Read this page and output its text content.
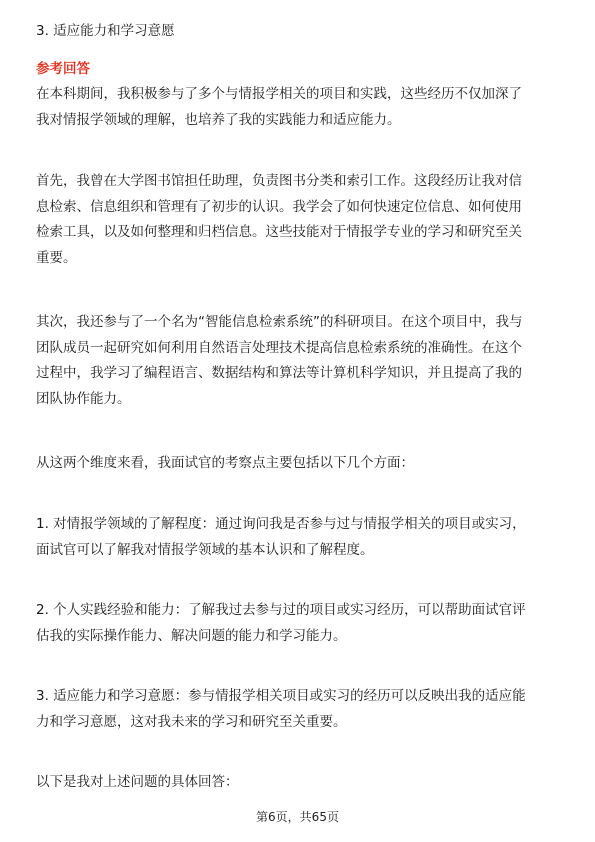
3. 适应能力和学习意愿
参考回答
在本科期间，我积极参与了多个与情报学相关的项目和实践，这些经历不仅加深了
我对情报学领域的理解，也培养了我的实践能力和适应能力。
首先，我曾在大学图书馆担任助理，负责图书分类和索引工作。这段经历让我对信
息检索、信息组织和管理有了初步的认识。我学会了如何快速定位信息、如何使用
检索工具，以及如何整理和归档信息。这些技能对于情报学专业的学习和研究至关
重要。
其次，我还参与了一个名为“智能信息检索系统”的科研项目。在这个项目中，我与
团队成员一起研究如何利用自然语言处理技术提高信息检索系统的准确性。在这个
过程中，我学习了编程语言、数据结构和算法等计算机科学知识，并且提高了我的
团队协作能力。
从这两个维度来看，我面试官的考察点主要包括以下几个方面：
1. 对情报学领域的了解程度：通过询问我是否参与过与情报学相关的项目或实习，
面试官可以了解我对情报学领域的基本认识和了解程度。
2. 个人实践经验和能力：了解我过去参与过的项目或实习经历，可以帮助面试官评
估我的实际操作能力、解决问题的能力和学习能力。
3. 适应能力和学习意愿：参与情报学相关项目或实习的经历可以反映出我的适应能
力和学习意愿，这对我未来的学习和研究至关重要。
以下是我对上述问题的具体回答：
第6页，共65页
